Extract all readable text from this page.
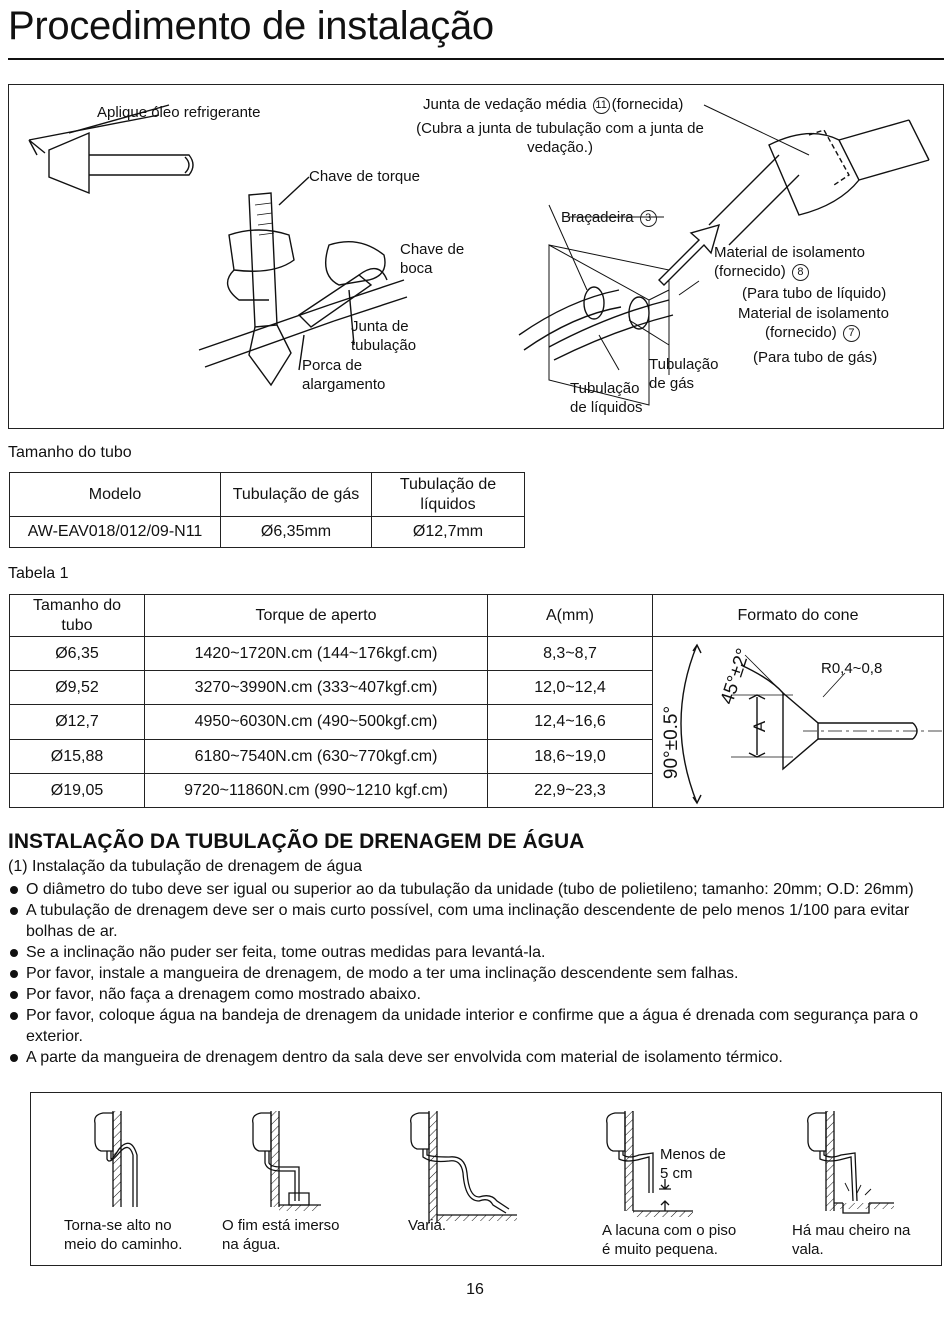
Procedimento de instalação
Aplique óleo refrigerante	Junta de vedação média 11 (fornecida)
(Cubra a junta de tubulação com a junta de
vedação.)
Chave de torque
Chave de
boca
Junta de
tubulação
Porca de
alargamento
Braçadeira 3
Material de isolamento
(fornecido) 8
(Para tubo de líquido)
Material de isolamento
(fornecido) 7
(Para tubo de gás)
Tubulação
de gás
Tubulação
de líquidos
Tamanho do tubo
Modelo	Tubulação de gás	Tubulação de
líquidos
AW-EAV018/012/09-N11	Ø6,35mm	Ø12,7mm
Tabela 1
Tamanho do
tubo	Torque de aperto	A(mm)	Formato do cone
Ø6,35	1420~1720N.cm (144~176kgf.cm)	8,3~8,7	R0,4~0,8
90°±0.5°
45°±2°
A

Ø9,52	3270~3990N.cm (333~407kgf.cm)	12,0~12,4	
Ø12,7	4950~6030N.cm (490~500kgf.cm)	12,4~16,6	
Ø15,88	6180~7540N.cm (630~770kgf.cm)	18,6~19,0	
Ø19,05	9720~11860N.cm (990~1210 kgf.cm)	22,9~23,3	
INSTALAÇÃO DA TUBULAÇÃO DE DRENAGEM DE ÁGUA
(1) Instalação da tubulação de drenagem de água
O diâmetro do tubo deve ser igual ou superior ao da tubulação da unidade (tubo de polietileno; tamanho: 20mm; O.D: 26mm)
A tubulação de drenagem deve ser o mais curto possível, com uma inclinação descendente de pelo menos 1/100 para evitar bolhas de ar.
Se a inclinação não puder ser feita, tome outras medidas para levantá-la.
Por favor, instale a mangueira de drenagem, de modo a ter uma inclinação descendente sem falhas.
Por favor, não faça a drenagem como mostrado abaixo.
Por favor, coloque água na bandeja de drenagem da unidade interior e confirme que a água é drenada com segurança para o exterior.
A parte da mangueira de drenagem dentro da sala deve ser envolvida com material de isolamento térmico.
Torna-se alto no
meio do caminho.
O fim está imerso
na água.
Varia.	A lacuna com o piso
é muito pequena.
Há mau cheiro na
vala.
Menos de
5 cm
16
